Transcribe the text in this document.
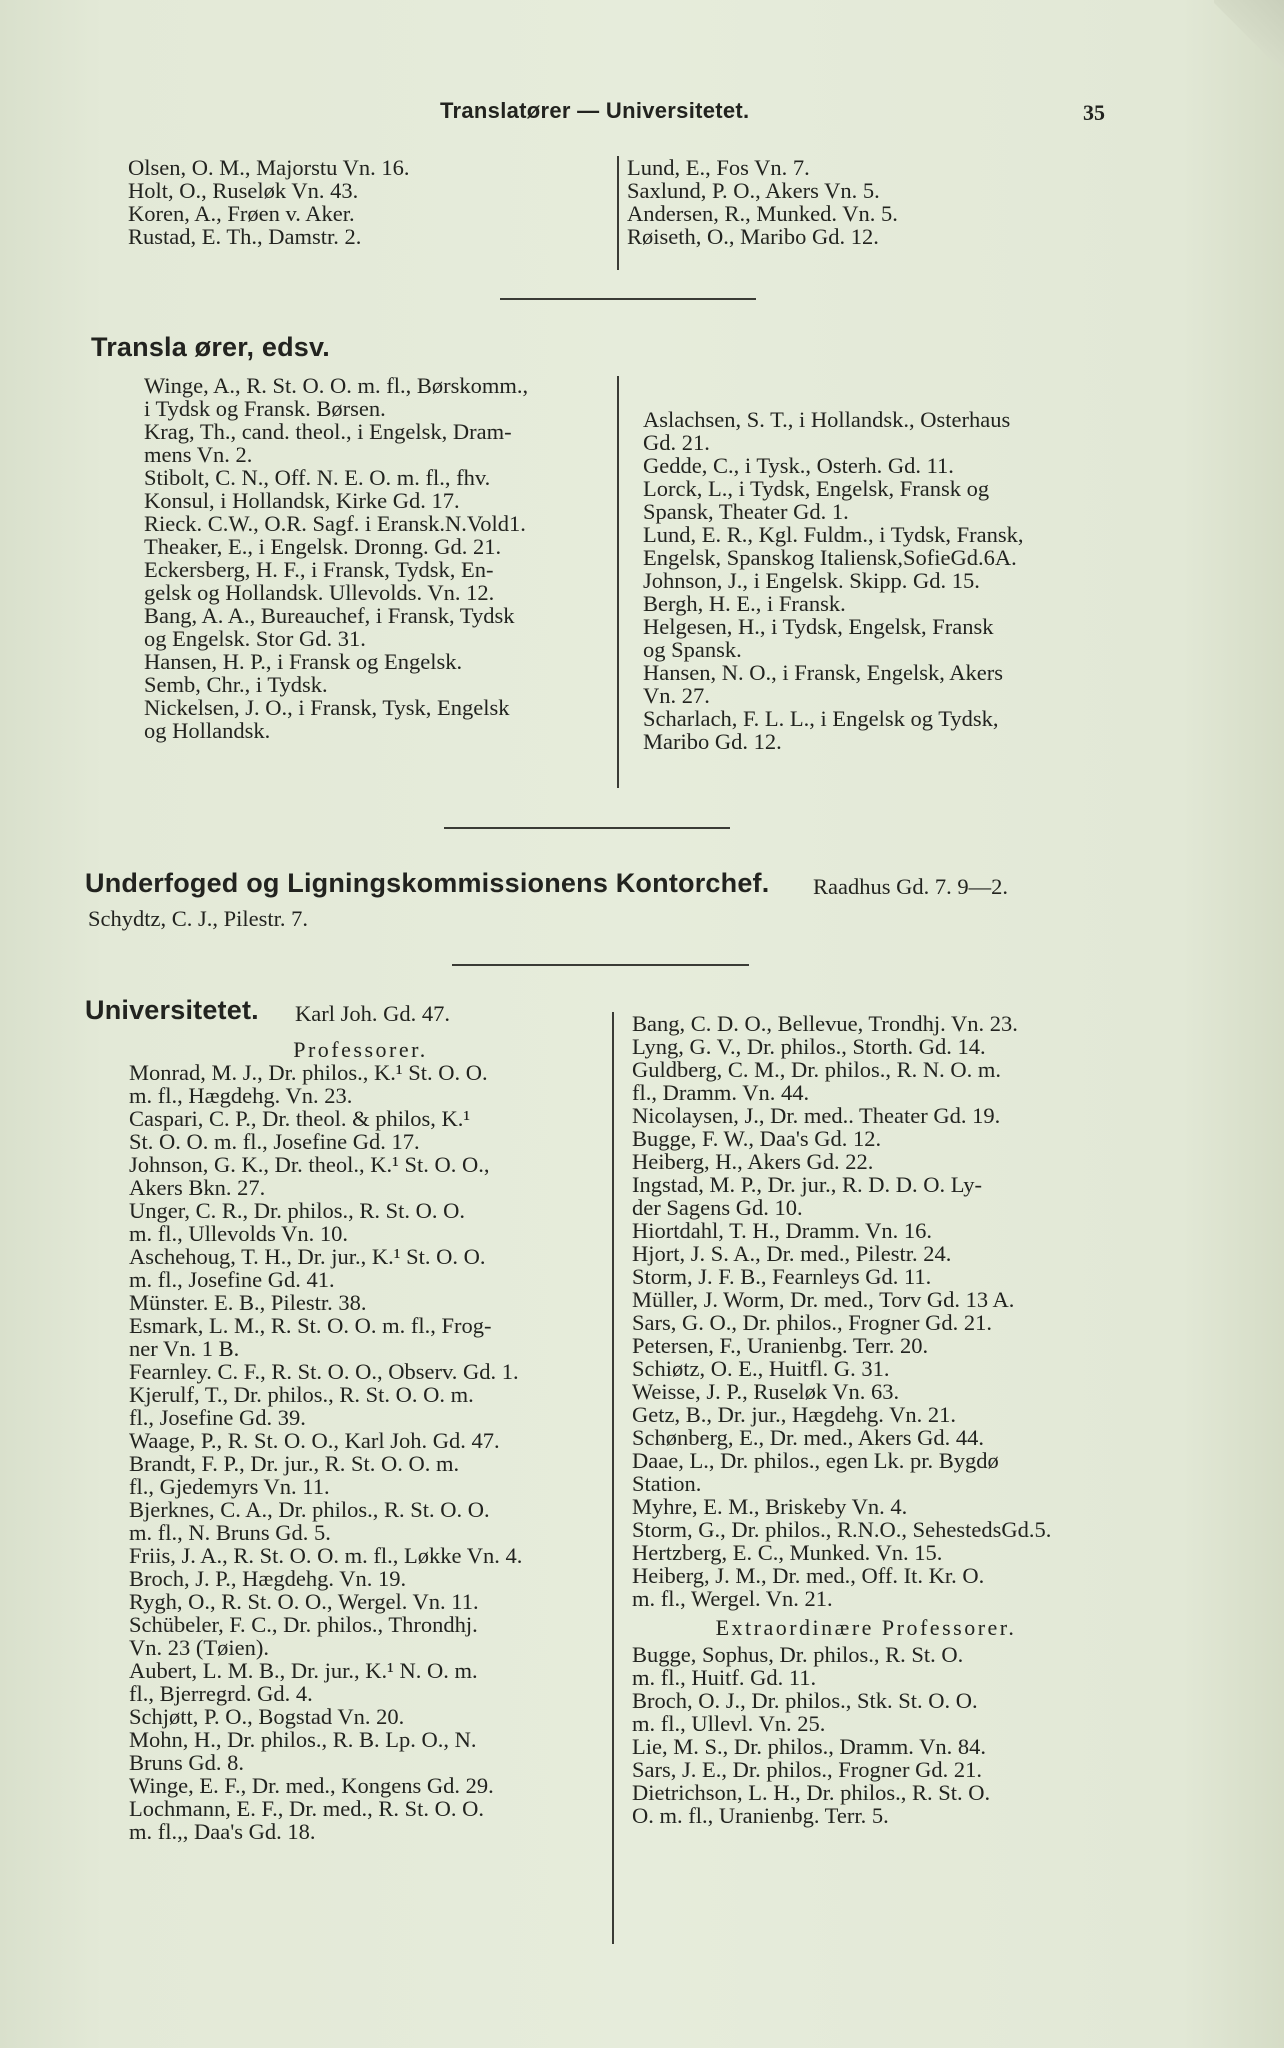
Translatører — Universitetet.	35
Olsen, O. M., Majorstu Vn. 16.
Holt, O., Ruseløk Vn. 43.
Koren, A., Frøen v. Aker.
Rustad, E. Th., Damstr. 2.
Lund, E., Fos Vn. 7.
Saxlund, P. O., Akers Vn. 5.
Andersen, R., Munked. Vn. 5.
Røiseth, O., Maribo Gd. 12.
Transla ører, edsv.
Winge, A., R. St. O. O. m. fl., Børskomm.,
i Tydsk og Fransk. Børsen.
Krag, Th., cand. theol., i Engelsk, Dram-
mens Vn. 2.
Stibolt, C. N., Off. N. E. O. m. fl., fhv.
Konsul, i Hollandsk, Kirke Gd. 17.
Rieck. C.W., O.R. Sagf. i Eransk.N.Vold1.
Theaker, E., i Engelsk. Dronng. Gd. 21.
Eckersberg, H. F., i Fransk, Tydsk, En-
gelsk og Hollandsk. Ullevolds. Vn. 12.
Bang, A. A., Bureauchef, i Fransk, Tydsk
og Engelsk. Stor Gd. 31.
Hansen, H. P., i Fransk og Engelsk.
Semb, Chr., i Tydsk.
Nickelsen, J. O., i Fransk, Tysk, Engelsk
og Hollandsk.
Aslachsen, S. T., i Hollandsk., Osterhaus
Gd. 21.
Gedde, C., i Tysk., Osterh. Gd. 11.
Lorck, L., i Tydsk, Engelsk, Fransk og
Spansk, Theater Gd. 1.
Lund, E. R., Kgl. Fuldm., i Tydsk, Fransk,
Engelsk, Spanskog Italiensk,SofieGd.6A.
Johnson, J., i Engelsk. Skipp. Gd. 15.
Bergh, H. E., i Fransk.
Helgesen, H., i Tydsk, Engelsk, Fransk
og Spansk.
Hansen, N. O., i Fransk, Engelsk, Akers
Vn. 27.
Scharlach, F. L. L., i Engelsk og Tydsk,
Maribo Gd. 12.
Underfoged og Ligningskommissionens Kontorchef. Raadhus Gd. 7. 9—2.
Schydtz, C. J., Pilestr. 7.
Universitetet. Karl Joh. Gd. 47.
Professorer.
Monrad, M. J., Dr. philos., K.¹ St. O. O.
m. fl., Hægdehg. Vn. 23.
Caspari, C. P., Dr. theol. & philos, K.¹
St. O. O. m. fl., Josefine Gd. 17.
Johnson, G. K., Dr. theol., K.¹ St. O. O.,
Akers Bkn. 27.
Unger, C. R., Dr. philos., R. St. O. O.
m. fl., Ullevolds Vn. 10.
Aschehoug, T. H., Dr. jur., K.¹ St. O. O.
m. fl., Josefine Gd. 41.
Münster. E. B., Pilestr. 38.
Esmark, L. M., R. St. O. O. m. fl., Frog-
ner Vn. 1 B.
Fearnley. C. F., R. St. O. O., Observ. Gd. 1.
Kjerulf, T., Dr. philos., R. St. O. O. m.
fl., Josefine Gd. 39.
Waage, P., R. St. O. O., Karl Joh. Gd. 47.
Brandt, F. P., Dr. jur., R. St. O. O. m.
fl., Gjedemyrs Vn. 11.
Bjerknes, C. A., Dr. philos., R. St. O. O.
m. fl., N. Bruns Gd. 5.
Friis, J. A., R. St. O. O. m. fl., Løkke Vn. 4.
Broch, J. P., Hægdehg. Vn. 19.
Rygh, O., R. St. O. O., Wergel. Vn. 11.
Schübeler, F. C., Dr. philos., Throndhj.
Vn. 23 (Tøien).
Aubert, L. M. B., Dr. jur., K.¹ N. O. m.
fl., Bjerregrd. Gd. 4.
Schjøtt, P. O., Bogstad Vn. 20.
Mohn, H., Dr. philos., R. B. Lp. O., N.
Bruns Gd. 8.
Winge, E. F., Dr. med., Kongens Gd. 29.
Lochmann, E. F., Dr. med., R. St. O. O.
m. fl.,, Daa's Gd. 18.
Bang, C. D. O., Bellevue, Trondhj. Vn. 23.
Lyng, G. V., Dr. philos., Storth. Gd. 14.
Guldberg, C. M., Dr. philos., R. N. O. m.
fl., Dramm. Vn. 44.
Nicolaysen, J., Dr. med.. Theater Gd. 19.
Bugge, F. W., Daa's Gd. 12.
Heiberg, H., Akers Gd. 22.
Ingstad, M. P., Dr. jur., R. D. D. O. Ly-
der Sagens Gd. 10.
Hiortdahl, T. H., Dramm. Vn. 16.
Hjort, J. S. A., Dr. med., Pilestr. 24.
Storm, J. F. B., Fearnleys Gd. 11.
Müller, J. Worm, Dr. med., Torv Gd. 13 A.
Sars, G. O., Dr. philos., Frogner Gd. 21.
Petersen, F., Uranienbg. Terr. 20.
Schiøtz, O. E., Huitfl. G. 31.
Weisse, J. P., Ruseløk Vn. 63.
Getz, B., Dr. jur., Hægdehg. Vn. 21.
Schønberg, E., Dr. med., Akers Gd. 44.
Daae, L., Dr. philos., egen Lk. pr. Bygdø
Station.
Myhre, E. M., Briskeby Vn. 4.
Storm, G., Dr. philos., R.N.O., SehestedsGd.5.
Hertzberg, E. C., Munked. Vn. 15.
Heiberg, J. M., Dr. med., Off. It. Kr. O.
m. fl., Wergel. Vn. 21.
Extraordinære Professorer.
Bugge, Sophus, Dr. philos., R. St. O.
m. fl., Huitf. Gd. 11.
Broch, O. J., Dr. philos., Stk. St. O. O.
m. fl., Ullevl. Vn. 25.
Lie, M. S., Dr. philos., Dramm. Vn. 84.
Sars, J. E., Dr. philos., Frogner Gd. 21.
Dietrichson, L. H., Dr. philos., R. St. O.
O. m. fl., Uranienbg. Terr. 5.
